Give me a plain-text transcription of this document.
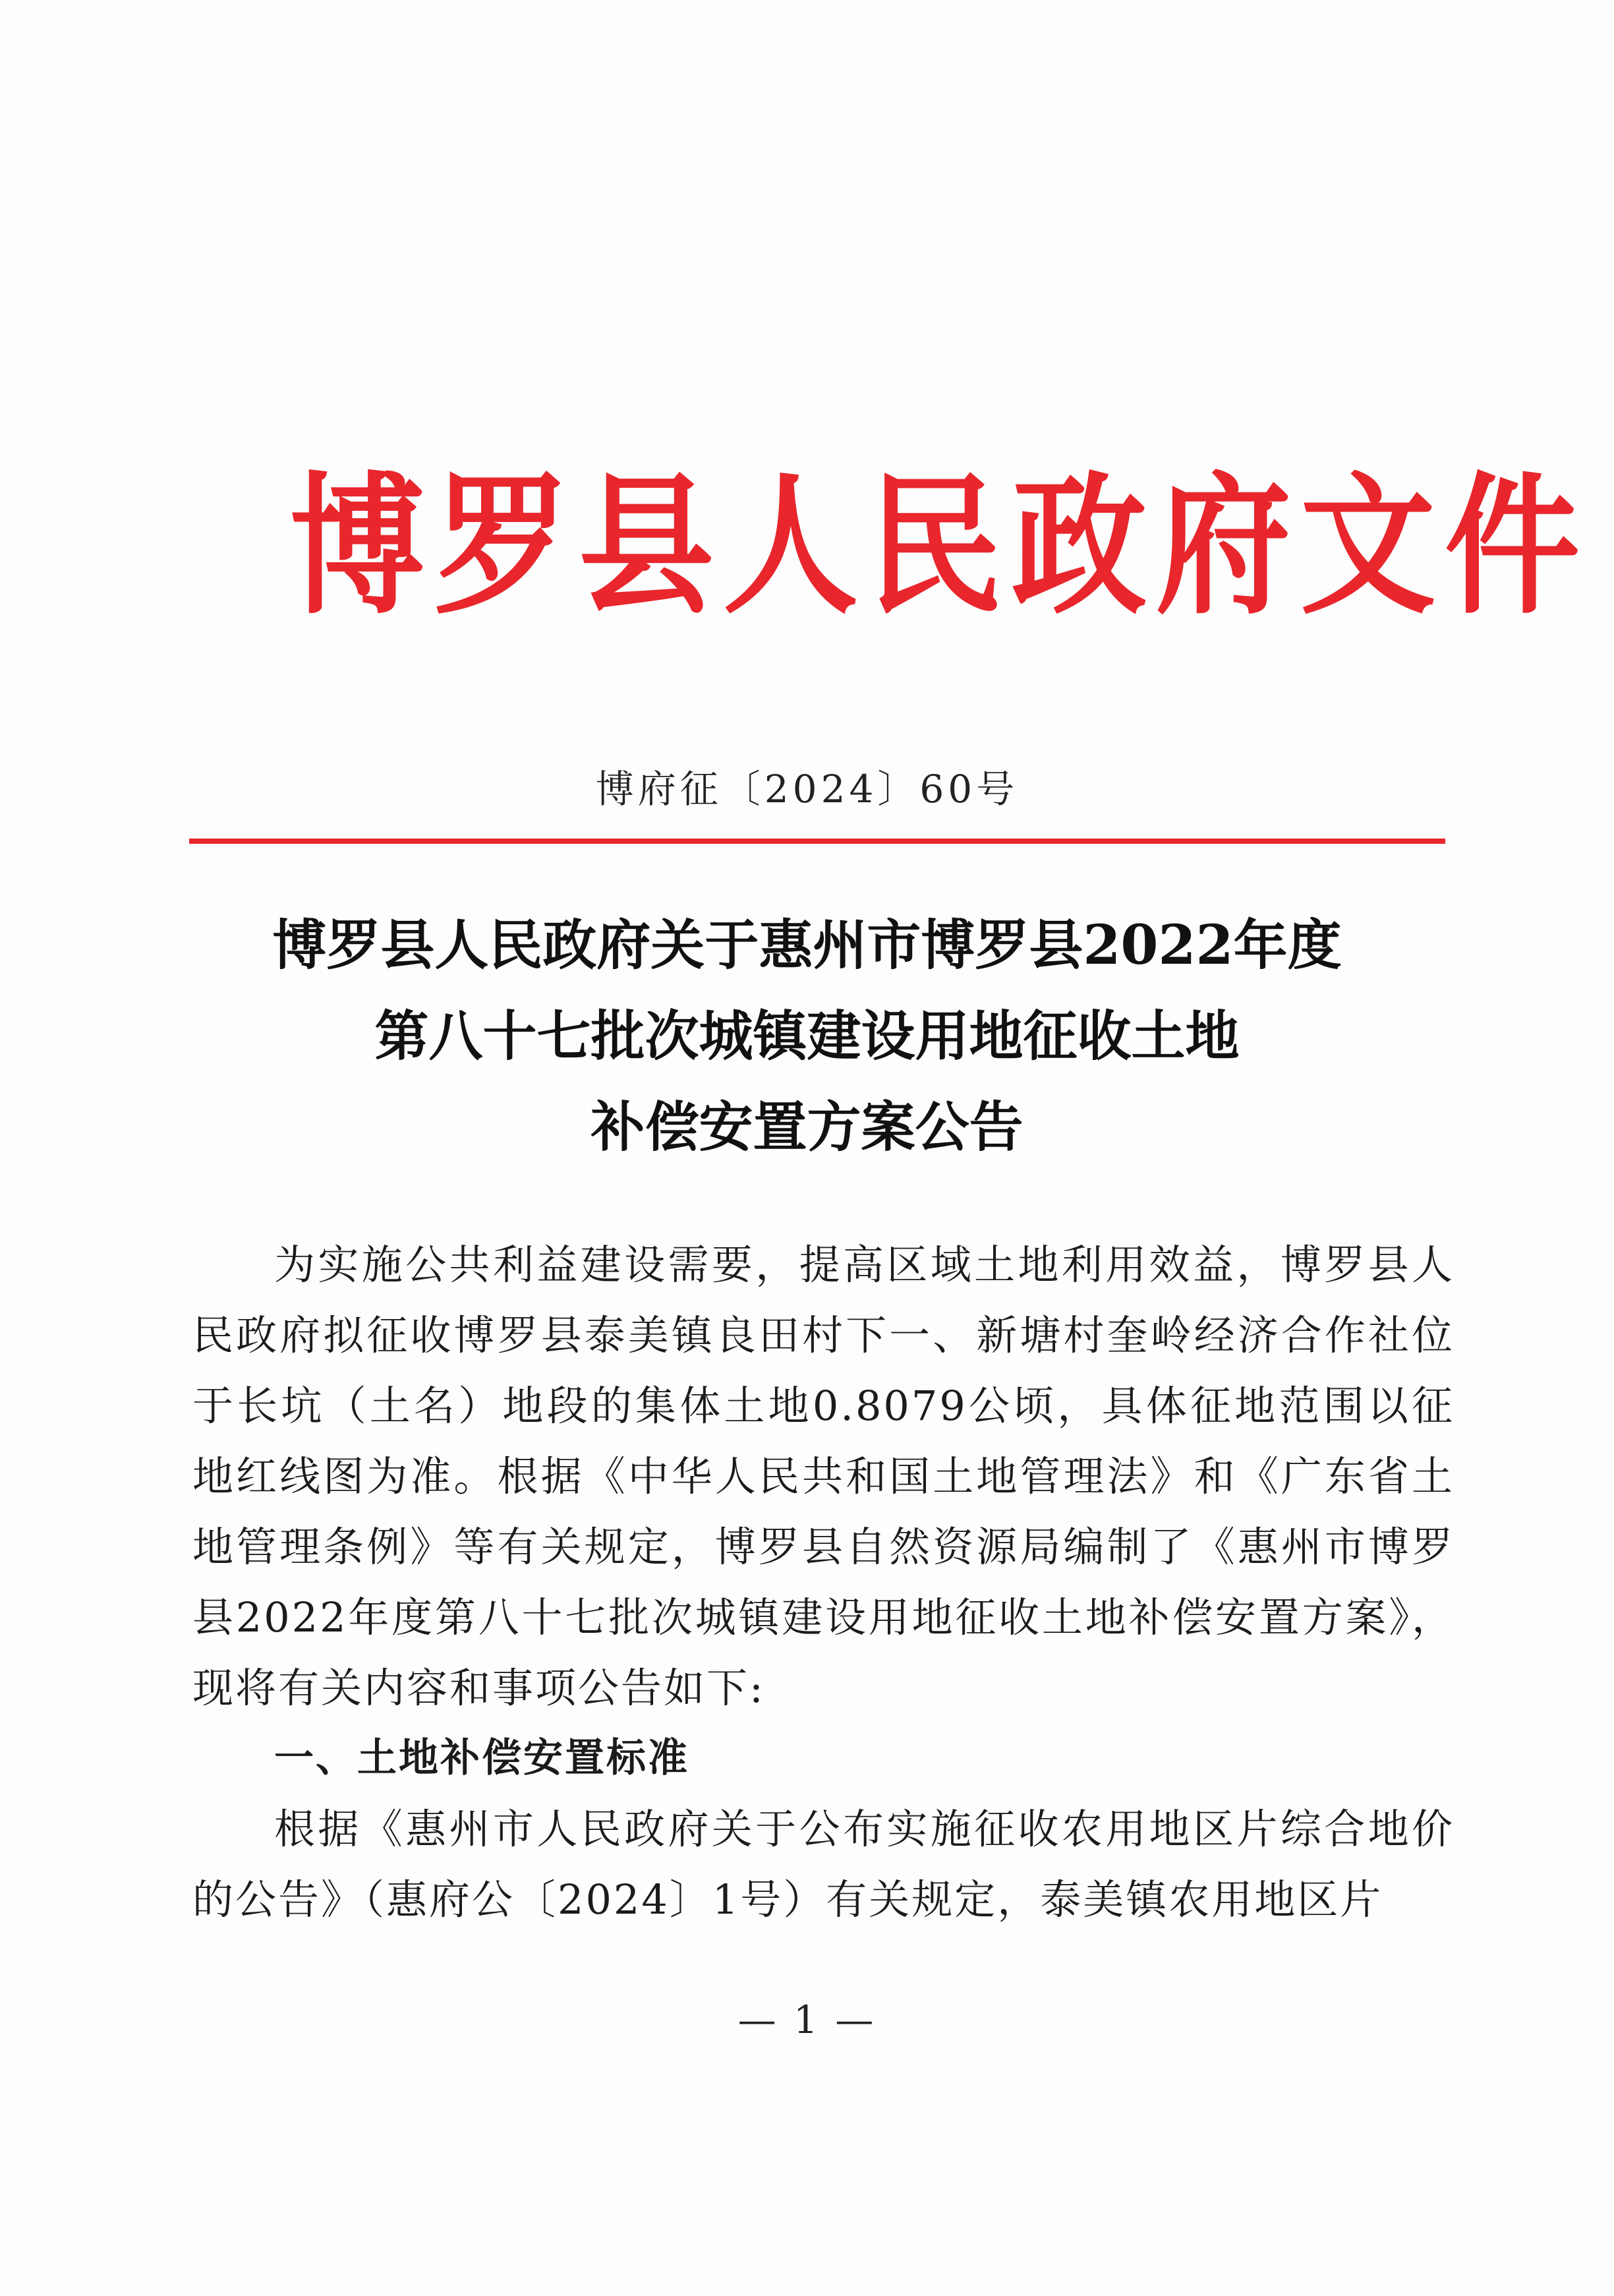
博罗县人民政府文件
博府征〔2024〕60号
博罗县人民政府关于惠州市博罗县2022年度
第八十七批次城镇建设用地征收土地
补偿安置方案公告

为实施公共利益建设需要，提高区域土地利用效益，博罗县人民政府拟征收博罗县泰美镇良田村下一、新塘村奎岭经济合作社位于长坑（土名）地段的集体土地0.8079公顷，具体征地范围以征地红线图为准。根据《中华人民共和国土地管理法》和《广东省土地管理条例》等有关规定，博罗县自然资源局编制了《惠州市博罗县2022年度第八十七批次城镇建设用地征收土地补偿安置方案》，现将有关内容和事项公告如下:

一、土地补偿安置标准

根据《惠州市人民政府关于公布实施征收农用地区片综合地价的公告》（惠府公〔2024〕1号）有关规定，泰美镇农用地区片

— 1 —
